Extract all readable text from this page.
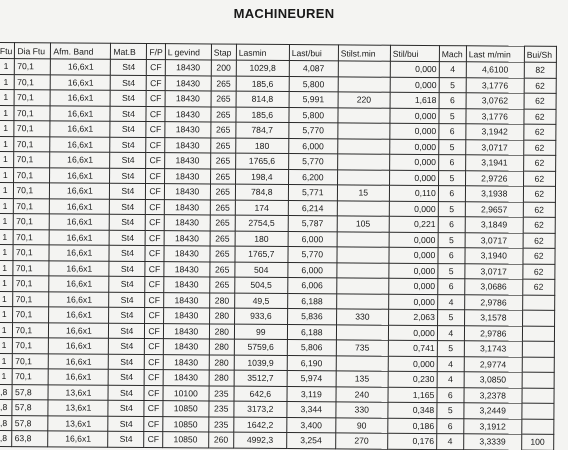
MACHINEUREN
Ftu	Dia Ftu	Afm. Band	Mat.B	F/P	L gevind	Stap	Lasmin	Last/bui	Stilst.min	Stil/bui	Mach	Last m/min	Bui/Sh
1	70,1	16,6x1	St4	CF	18430	200	1029,8	4,087		0,000	4	4,6100	82
1	70,1	16,6x1	St4	CF	18430	265	185,6	5,800		0,000	5	3,1776	62
1	70,1	16,6x1	St4	CF	18430	265	814,8	5,991	220	1,618	6	3,0762	62
1	70,1	16,6x1	St4	CF	18430	265	185,6	5,800		0,000	5	3,1776	62
1	70,1	16,6x1	St4	CF	18430	265	784,7	5,770		0,000	6	3,1942	62
1	70,1	16,6x1	St4	CF	18430	265	180	6,000		0,000	5	3,0717	62
1	70,1	16,6x1	St4	CF	18430	265	1765,6	5,770		0,000	6	3,1941	62
1	70,1	16,6x1	St4	CF	18430	265	198,4	6,200		0,000	5	2,9726	62
1	70,1	16,6x1	St4	CF	18430	265	784,8	5,771	15	0,110	6	3,1938	62
1	70,1	16,6x1	St4	CF	18430	265	174	6,214		0,000	5	2,9657	62
1	70,1	16,6x1	St4	CF	18430	265	2754,5	5,787	105	0,221	6	3,1849	62
1	70,1	16,6x1	St4	CF	18430	265	180	6,000		0,000	5	3,0717	62
1	70,1	16,6x1	St4	CF	18430	265	1765,7	5,770		0,000	6	3,1940	62
1	70,1	16,6x1	St4	CF	18430	265	504	6,000		0,000	5	3,0717	62
1	70,1	16,6x1	St4	CF	18430	265	504,5	6,006		0,000	6	3,0686	62
1	70,1	16,6x1	St4	CF	18430	280	49,5	6,188		0,000	4	2,9786	
1	70,1	16,6x1	St4	CF	18430	280	933,6	5,836	330	2,063	5	3,1578	
1	70,1	16,6x1	St4	CF	18430	280	99	6,188		0,000	4	2,9786	
1	70,1	16,6x1	St4	CF	18430	280	5759,6	5,806	735	0,741	5	3,1743	
1	70,1	16,6x1	St4	CF	18430	280	1039,9	6,190		0,000	4	2,9774	
1	70,1	16,6x1	St4	CF	18430	280	3512,7	5,974	135	0,230	4	3,0850	
,8	57,8	13,6x1	St4	CF	10100	235	642,6	3,119	240	1,165	6	3,2378	
,8	57,8	13,6x1	St4	CF	10850	235	3173,2	3,344	330	0,348	5	3,2449	
,8	57,8	13,6x1	St4	CF	10850	235	1642,2	3,400	90	0,186	6	3,1912	
,8	63,8	16,6x1	St4	CF	10850	260	4992,3	3,254	270	0,176	4	3,3339	100
